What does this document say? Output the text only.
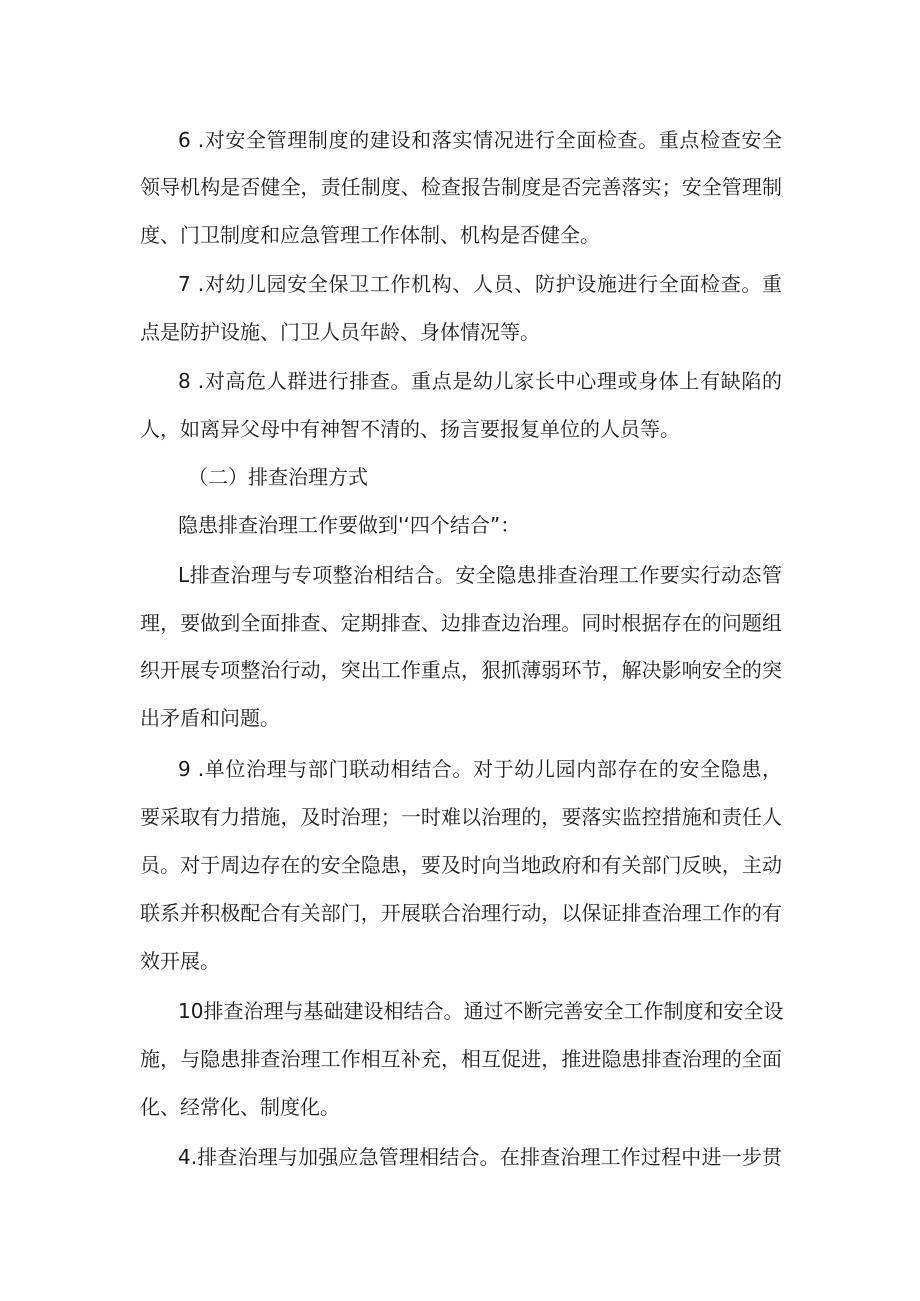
6 .对安全管理制度的建设和落实情况进行全面检查。重点检查安全
领导机构是否健全，责任制度、检查报告制度是否完善落实；安全管理制
度、门卫制度和应急管理工作体制、机构是否健全。
7 .对幼儿园安全保卫工作机构、人员、防护设施进行全面检查。重
点是防护设施、门卫人员年龄、身体情况等。
8 .对高危人群进行排查。重点是幼儿家长中心理或身体上有缺陷的
人，如离异父母中有神智不清的、扬言要报复单位的人员等。
（二）排查治理方式
隐患排查治理工作要做到'‘四个结合”：
L排查治理与专项整治相结合。安全隐患排查治理工作要实行动态管
理，要做到全面排查、定期排查、边排查边治理。同时根据存在的问题组
织开展专项整治行动，突出工作重点，狠抓薄弱环节，解决影响安全的突
出矛盾和问题。
9 .单位治理与部门联动相结合。对于幼儿园内部存在的安全隐患，
要采取有力措施，及时治理；一时难以治理的，要落实监控措施和责任人
员。对于周边存在的安全隐患，要及时向当地政府和有关部门反映，主动
联系并积极配合有关部门，开展联合治理行动，以保证排查治理工作的有
效开展。
10排查治理与基础建设相结合。通过不断完善安全工作制度和安全设
施，与隐患排查治理工作相互补充，相互促进，推进隐患排查治理的全面
化、经常化、制度化。
4.排查治理与加强应急管理相结合。在排查治理工作过程中进一步贯
